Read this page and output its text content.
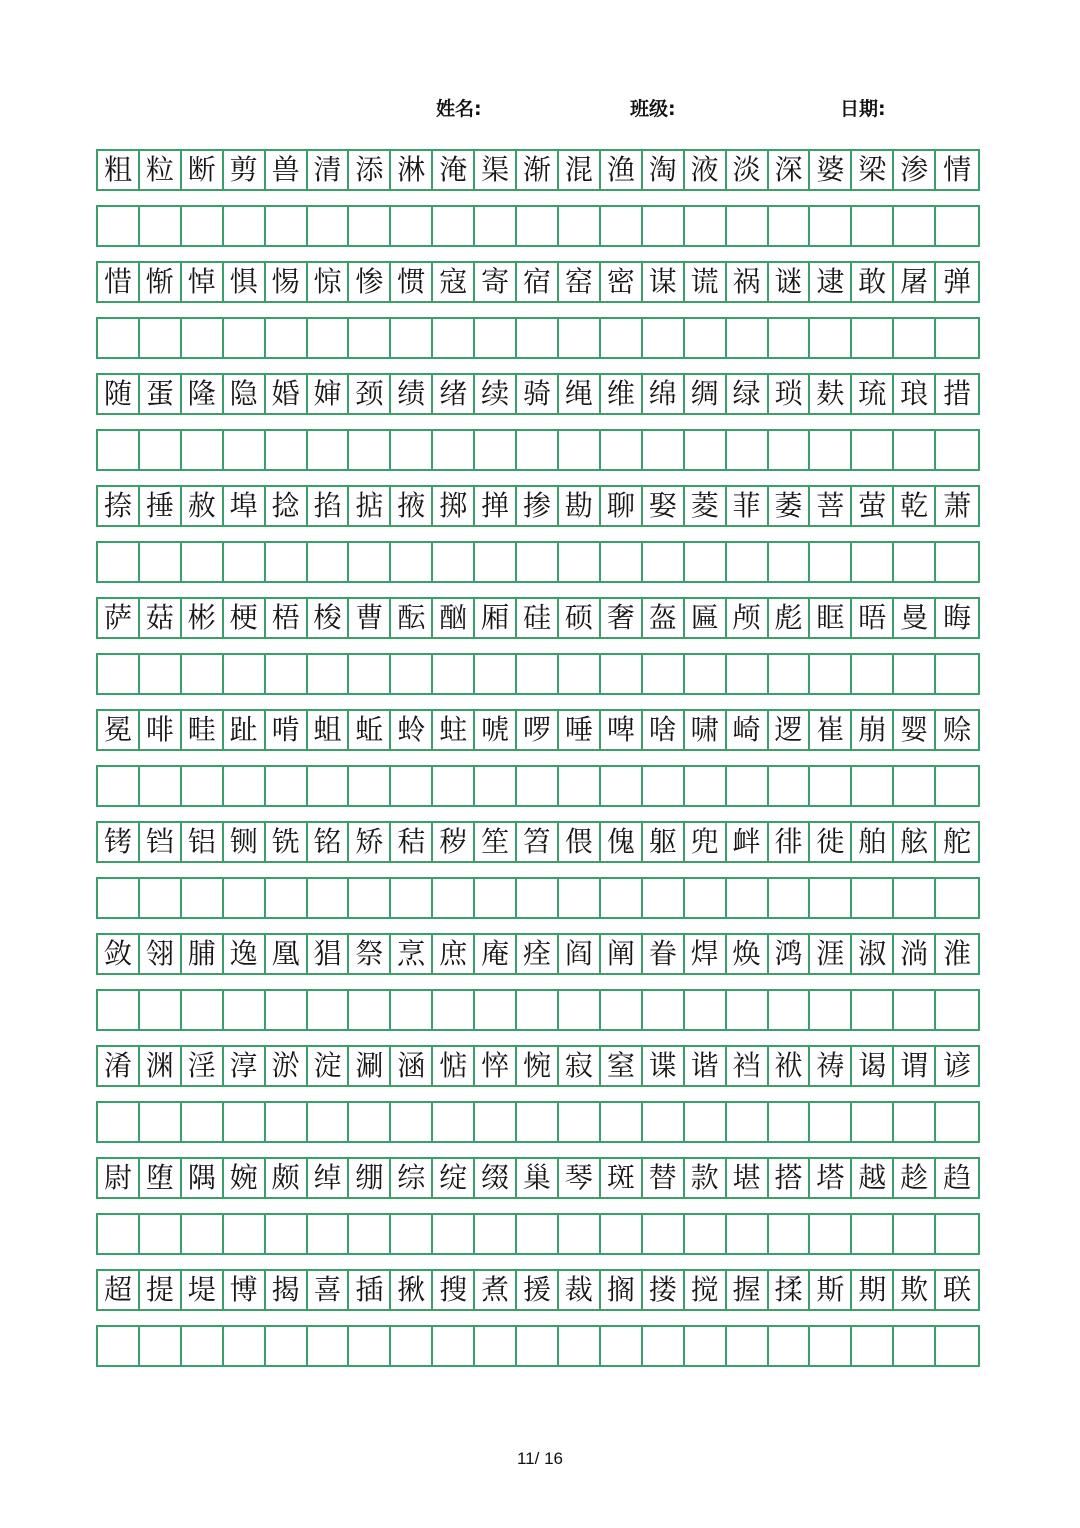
姓名:	班级:	日期:
粗 粒 断 剪 兽 清 添 淋 淹 渠 渐 混 渔 淘 液 淡 深 婆 梁 渗 情
惜 惭 悼 惧 惕 惊 惨 惯 寇 寄 宿 窑 密 谋 谎 祸 谜 逮 敢 屠 弹
随 蛋 隆 隐 婚 婶 颈 绩 绪 续 骑 绳 维 绵 绸 绿 琐 麸 琉 琅 措
捺 捶 赦 埠 捻 掐 掂 掖 掷 掸 掺 勘 聊 娶 菱 菲 萎 菩 萤 乾 萧
萨 菇 彬 梗 梧 梭 曹 酝 酗 厢 硅 硕 奢 盔 匾 颅 彪 眶 晤 曼 晦
冕 啡 畦 趾 啃 蛆 蚯 蛉 蛀 唬 啰 唾 啤 啥 啸 崎 逻 崔 崩 婴 赊
铐 铛 铝 铡 铣 铭 矫 秸 秽 笙 笤 偎 傀 躯 兜 衅 徘 徙 舶 舷 舵
敛 翎 脯 逸 凰 猖 祭 烹 庶 庵 痊 阎 阐 眷 焊 焕 鸿 涯 淑 淌 淮
淆 渊 淫 淳 淤 淀 涮 涵 惦 悴 惋 寂 窒 谍 谐 裆 袱 祷 谒 谓 谚
尉 堕 隅 婉 颇 绰 绷 综 绽 缀 巢 琴 斑 替 款 堪 搭 塔 越 趁 趋
超 提 堤 博 揭 喜 插 揪 搜 煮 援 裁 搁 搂 搅 握 揉 斯 期 欺 联
11/ 16
